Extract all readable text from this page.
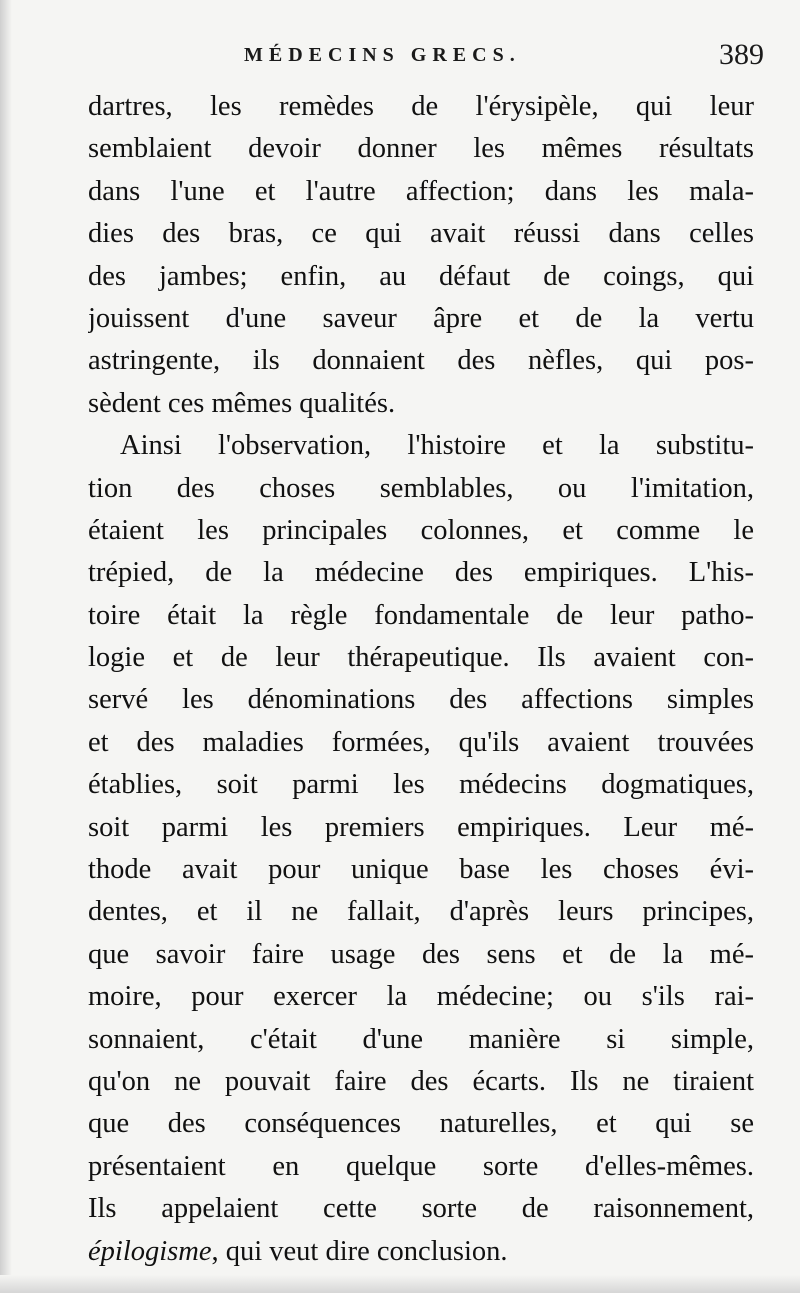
MÉDECINS GRECS.	389
dartres, les remèdes de l'érysipèle, qui leur
semblaient devoir donner les mêmes résultats
dans l'une et l'autre affection; dans les mala-
dies des bras, ce qui avait réussi dans celles
des jambes; enfin, au défaut de coings, qui
jouissent d'une saveur âpre et de la vertu
astringente, ils donnaient des nèfles, qui pos-
sèdent ces mêmes qualités.
Ainsi l'observation, l'histoire et la substitu-
tion des choses semblables, ou l'imitation,
étaient les principales colonnes, et comme le
trépied, de la médecine des empiriques. L'his-
toire était la règle fondamentale de leur patho-
logie et de leur thérapeutique. Ils avaient con-
servé les dénominations des affections simples
et des maladies formées, qu'ils avaient trouvées
établies, soit parmi les médecins dogmatiques,
soit parmi les premiers empiriques. Leur mé-
thode avait pour unique base les choses évi-
dentes, et il ne fallait, d'après leurs principes,
que savoir faire usage des sens et de la mé-
moire, pour exercer la médecine; ou s'ils rai-
sonnaient, c'était d'une manière si simple,
qu'on ne pouvait faire des écarts. Ils ne tiraient
que des conséquences naturelles, et qui se
présentaient en quelque sorte d'elles-mêmes.
Ils appelaient cette sorte de raisonnement,
épilogisme, qui veut dire conclusion.
